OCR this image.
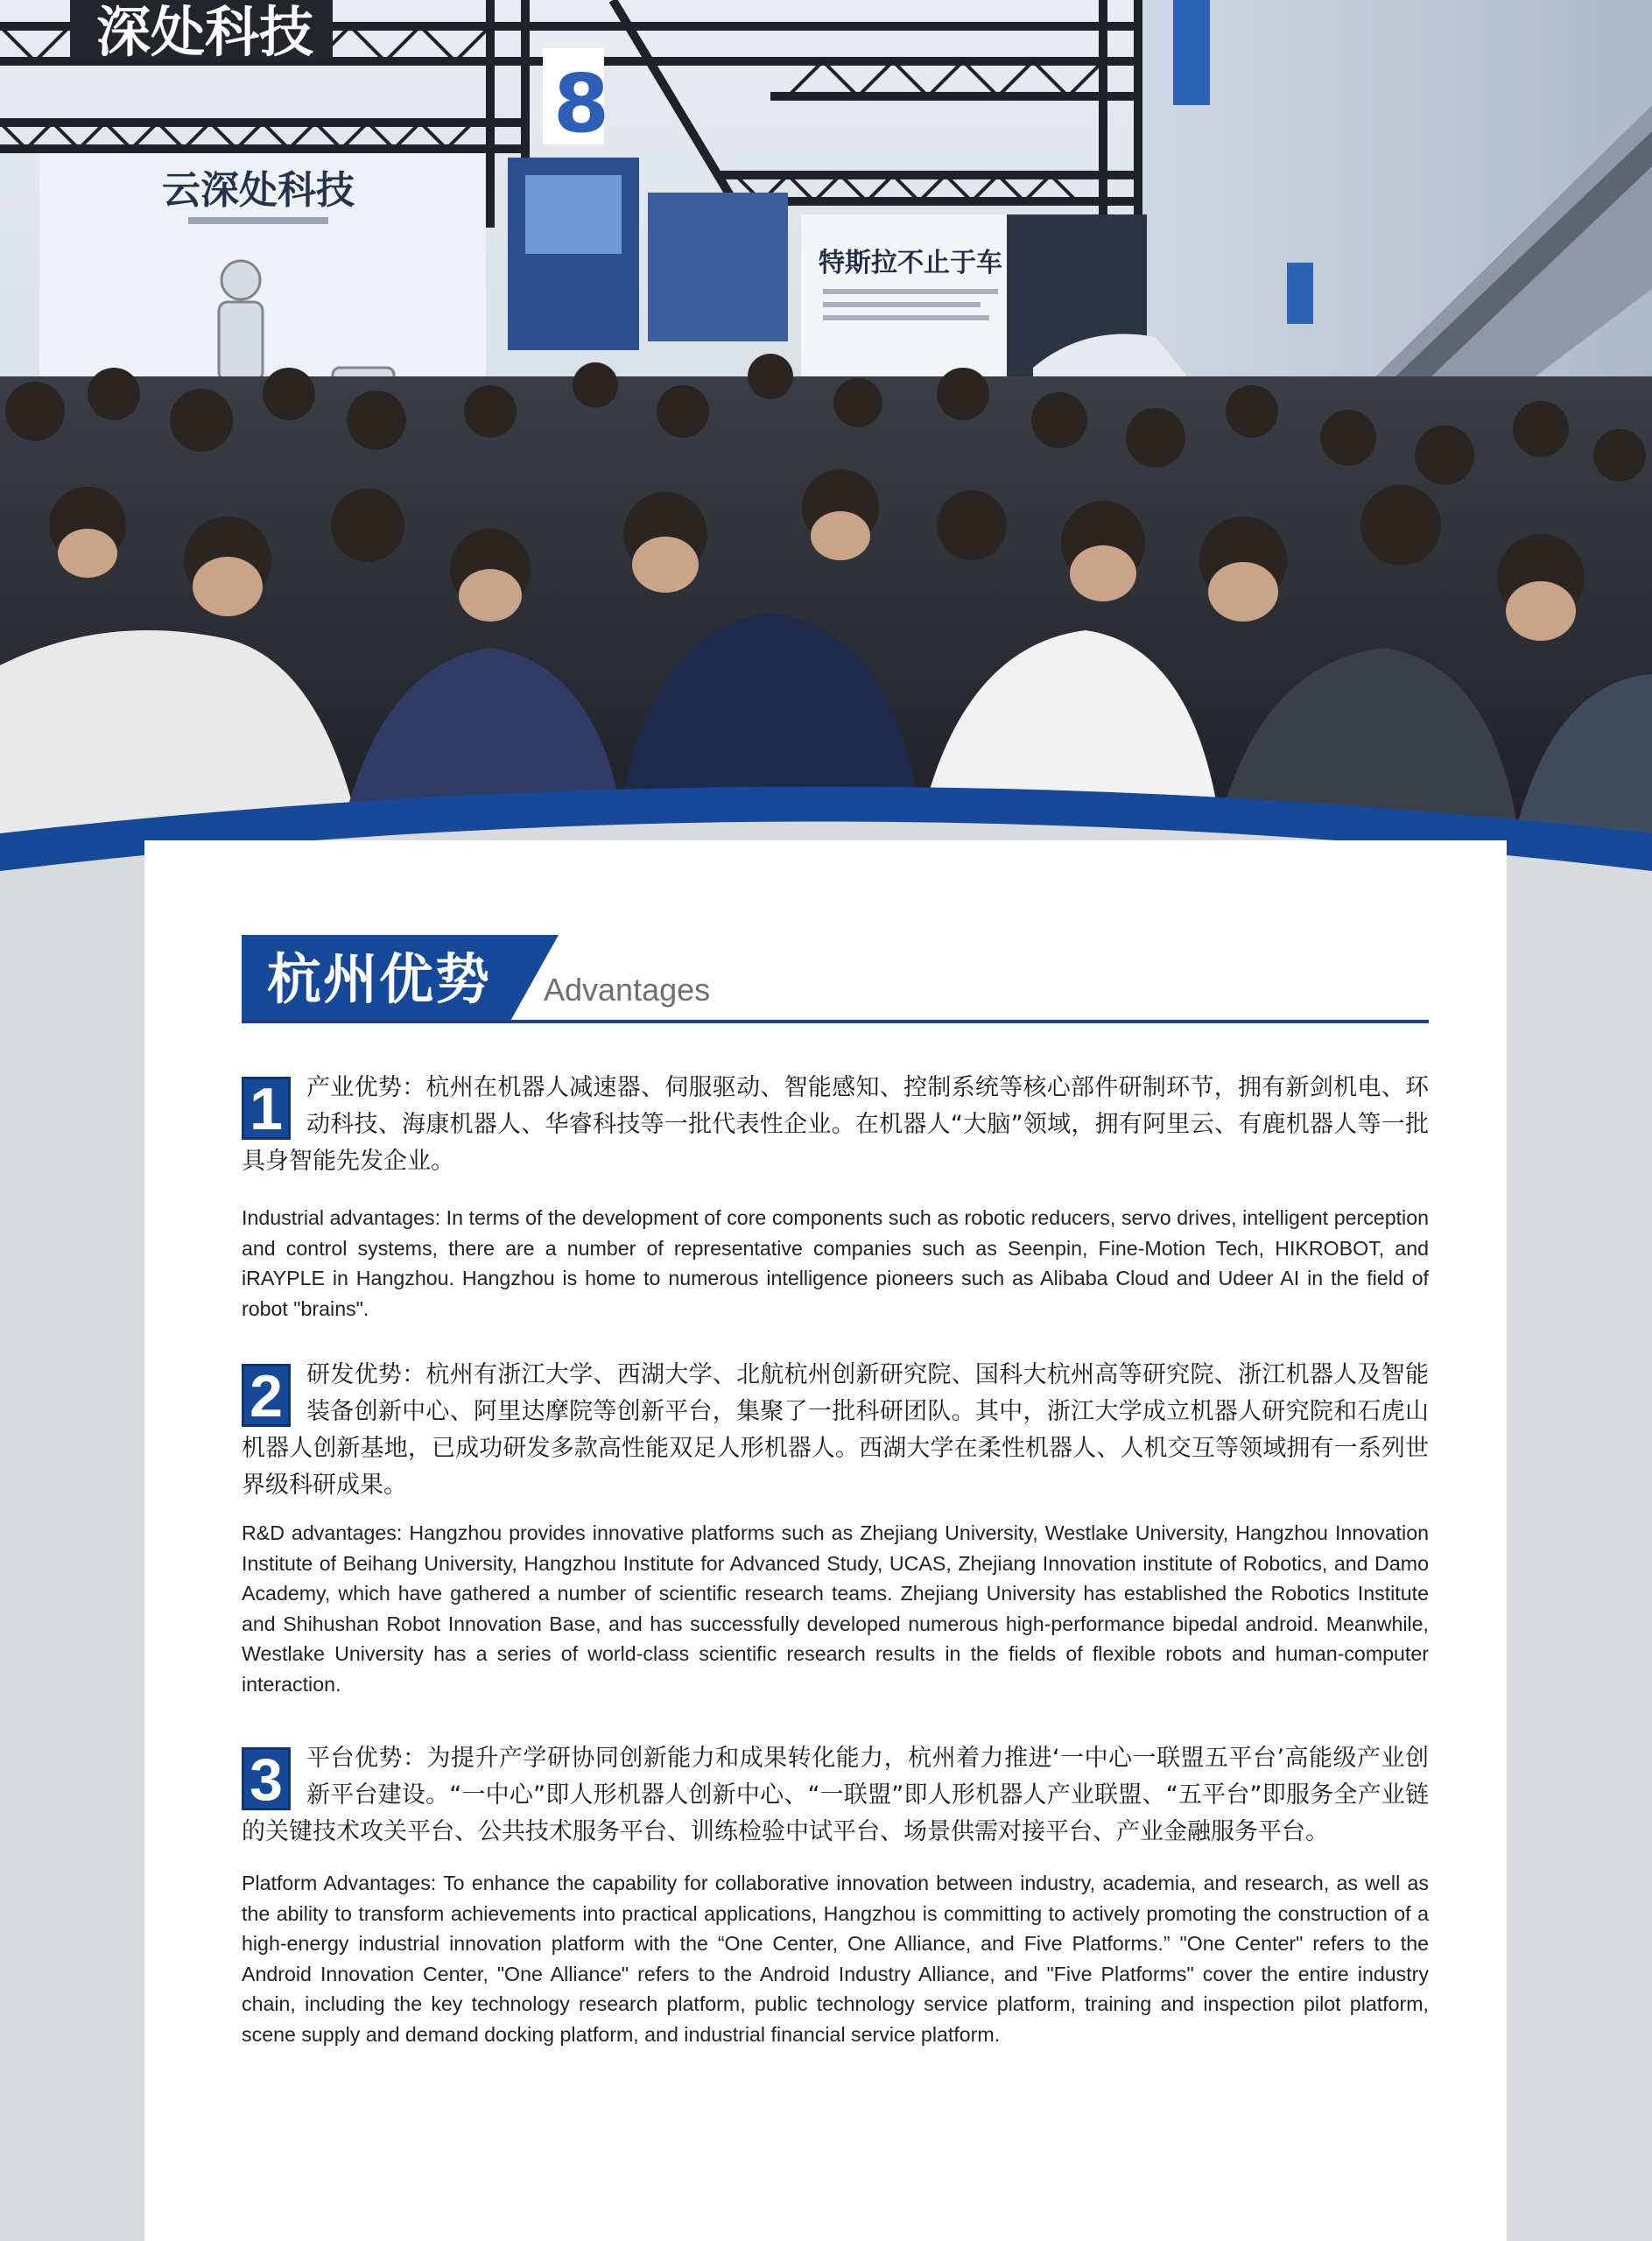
深处科技
8
云深处科技
特斯拉不止于车
杭州优势 Advantages
1	产业优势：杭州在机器人减速器、伺服驱动、智能感知、控制系统等核心部件研制环节，拥有新剑机电、环动科技、海康机器人、华睿科技等一批代表性企业。在机器人“大脑”领域，拥有阿里云、有鹿机器人等一批具身智能先发企业。

Industrial advantages: In terms of the development of core components such as robotic reducers, servo drives, intelligent perception and control systems, there are a number of representative companies such as Seenpin, Fine-Motion Tech, HIKROBOT, and iRAYPLE in Hangzhou. Hangzhou is home to numerous intelligence pioneers such as Alibaba Cloud and Udeer AI in the field of robot "brains".

2	研发优势：杭州有浙江大学、西湖大学、北航杭州创新研究院、国科大杭州高等研究院、浙江机器人及智能装备创新中心、阿里达摩院等创新平台，集聚了一批科研团队。其中，浙江大学成立机器人研究院和石虎山机器人创新基地，已成功研发多款高性能双足人形机器人。西湖大学在柔性机器人、人机交互等领域拥有一系列世界级科研成果。

R&D advantages: Hangzhou provides innovative platforms such as Zhejiang University, Westlake University, Hangzhou Innovation Institute of Beihang University, Hangzhou Institute for Advanced Study, UCAS, Zhejiang Innovation institute of Robotics, and Damo Academy, which have gathered a number of scientific research teams. Zhejiang University has established the Robotics Institute and Shihushan Robot Innovation Base, and has successfully developed numerous high-performance bipedal android. Meanwhile, Westlake University has a series of world-class scientific research results in the fields of flexible robots and human-computer interaction.

3	平台优势：为提升产学研协同创新能力和成果转化能力，杭州着力推进‘一中心一联盟五平台’高能级产业创新平台建设。“一中心”即人形机器人创新中心、“一联盟”即人形机器人产业联盟、“五平台”即服务全产业链的关键技术攻关平台、公共技术服务平台、训练检验中试平台、场景供需对接平台、产业金融服务平台。

Platform Advantages: To enhance the capability for collaborative innovation between industry, academia, and research, as well as the ability to transform achievements into practical applications, Hangzhou is committing to actively promoting the construction of a high-energy industrial innovation platform with the “One Center, One Alliance, and Five Platforms.” "One Center" refers to the Android Innovation Center, "One Alliance" refers to the Android Industry Alliance, and "Five Platforms" cover the entire industry chain, including the key technology research platform, public technology service platform, training and inspection pilot platform, scene supply and demand docking platform, and industrial financial service platform.
